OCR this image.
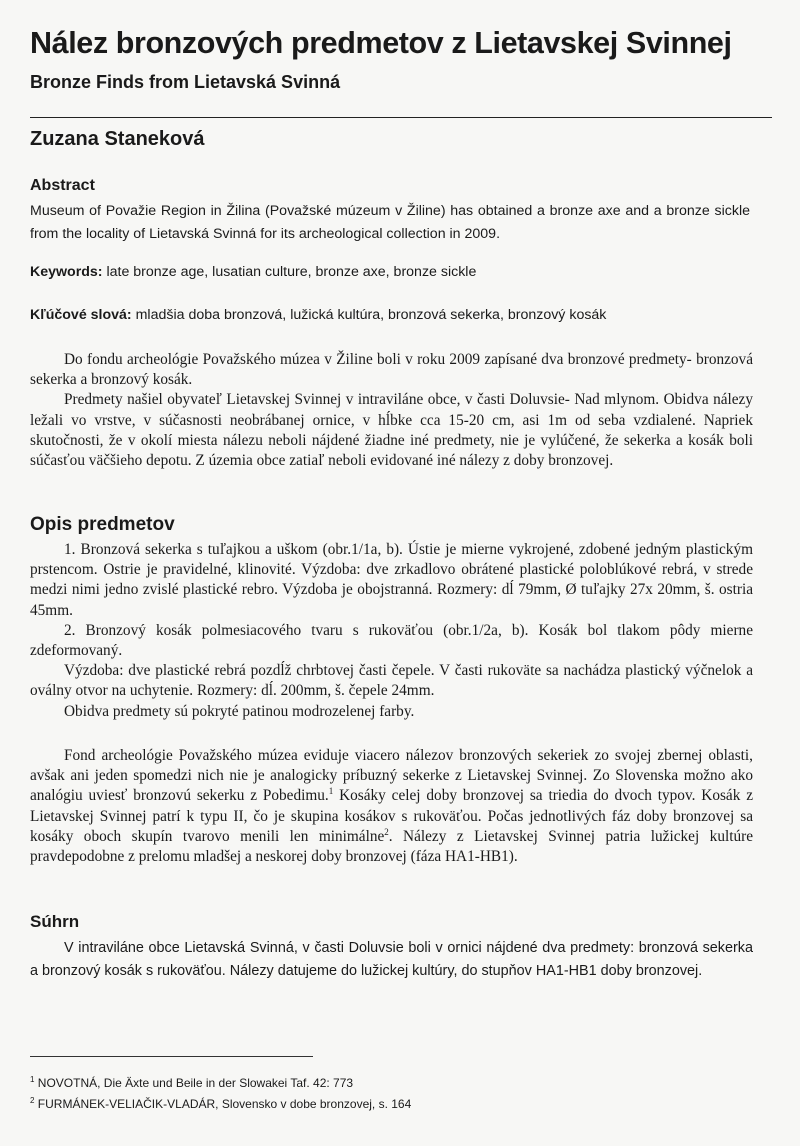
Nález bronzových predmetov z Lietavskej Svinnej
Bronze Finds from Lietavská Svinná
Zuzana Staneková
Abstract
Museum of Považie Region in Žilina (Považské múzeum v Žiline) has obtained a bronze axe and a bronze sickle from the locality of Lietavská Svinná for its archeological collection in 2009.
Keywords: late bronze age, lusatian culture, bronze axe, bronze sickle
Kľúčové slová: mladšia doba bronzová, lužická kultúra, bronzová sekerka, bronzový kosák

Do fondu archeológie Považského múzea v Žiline boli v roku 2009 zapísané dva bronzové predmety- bronzová sekerka a bronzový kosák.

Predmety našiel obyvateľ Lietavskej Svinnej v intraviláne obce, v časti Doluvsie- Nad mlynom. Obidva nálezy ležali vo vrstve, v súčasnosti neobrábanej ornice, v hĺbke cca 15-20 cm, asi 1m od seba vzdialené. Napriek skutočnosti, že v okolí miesta nálezu neboli nájdené žiadne iné predmety, nie je vylúčené, že sekerka a kosák boli súčasťou väčšieho depotu. Z územia obce zatiaľ neboli evidované iné nálezy z doby bronzovej.

Opis predmetov

1. Bronzová sekerka s tuľajkou a uškom (obr.1/1a, b). Ústie je mierne vykrojené, zdobené jedným plastickým prstencom. Ostrie je pravidelné, klinovité. Výzdoba: dve zrkadlovo obrátené plastické poloblúkové rebrá, v strede medzi nimi jedno zvislé plastické rebro. Výzdoba je obojstranná. Rozmery: dĺ 79mm, Ø tuľajky 27x 20mm, š. ostria 45mm.

2. Bronzový kosák polmesiacového tvaru s rukoväťou (obr.1/2a, b). Kosák bol tlakom pôdy mierne zdeformovaný.

Výzdoba: dve plastické rebrá pozdĺž chrbtovej časti čepele. V časti rukoväte sa nachádza plastický výčnelok a oválny otvor na uchytenie. Rozmery: dĺ. 200mm, š. čepele 24mm.

Obidva predmety sú pokryté patinou modrozelenej farby.

Fond archeológie Považského múzea eviduje viacero nálezov bronzových sekeriek zo svojej zbernej oblasti, avšak ani jeden spomedzi nich nie je analogicky príbuzný sekerke z Lietavskej Svinnej. Zo Slovenska možno ako analógiu uviesť bronzovú sekerku z Pobedimu.$^1$ Kosáky celej doby bronzovej sa triedia do dvoch typov. Kosák z Lietavskej Svinnej patrí k typu II, čo je skupina kosákov s rukoväťou. Počas jednotlivých fáz doby bronzovej sa kosáky oboch skupín tvarovo menili len minimálne$^2$. Nálezy z Lietavskej Svinnej patria lužickej kultúre pravdepodobne z prelomu mladšej a neskorej doby bronzovej (fáza HA1-HB1).

Súhrn

V intraviláne obce Lietavská Svinná, v časti Doluvsie boli v ornici nájdené dva predmety: bronzová sekerka a bronzový kosák s rukoväťou. Nálezy datujeme do lužickej kultúry, do stupňov HA1-HB1 doby bronzovej.

$^1$ NOVOTNÁ, Die Äxte und Beile in der Slowakei Taf. 42: 773
$^2$ FURMÁNEK-VELIAČIK-VLADÁR, Slovensko v dobe bronzovej, s. 164
